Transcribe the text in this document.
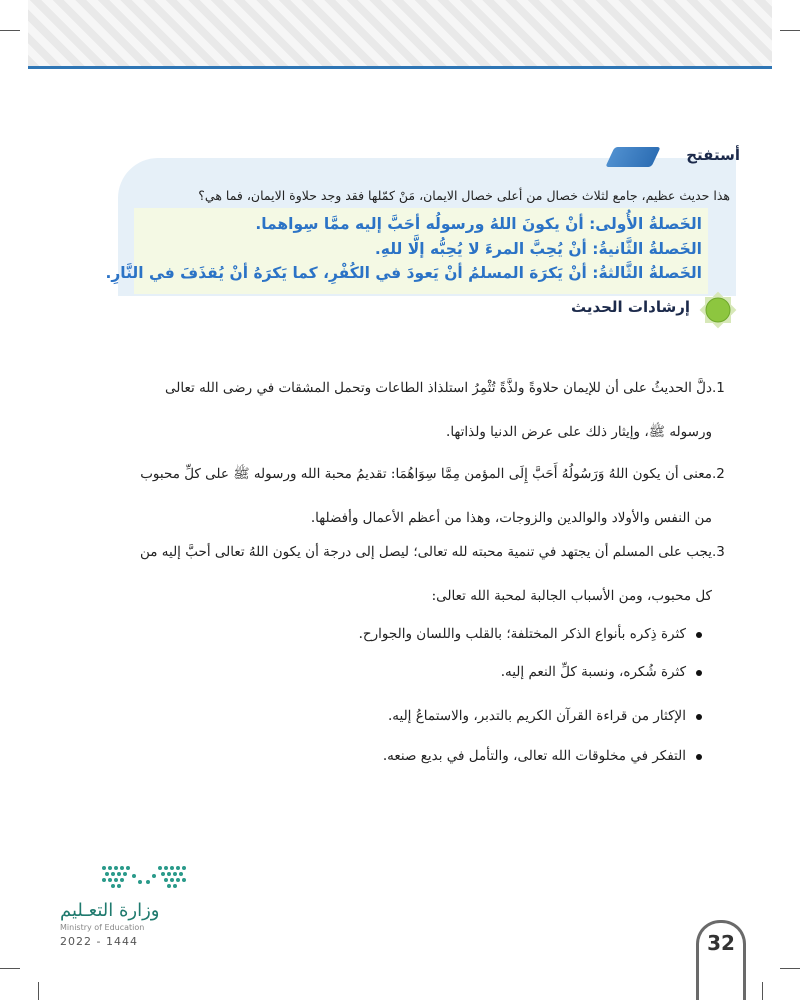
أستفتح
هذا حديث عظيم، جامع لثلاث خصال من أعلى خصال الايمان، مَنْ كمّلها فقد وجد حلاوة الايمان، فما هي؟
الخَصلةُ الأُولى: أنْ يكونَ اللهُ ورسولُه أحَبَّ إليه ممَّا سِواهما.
الخَصلةُ الثَّانيةُ: أنْ يُحِبَّ المرءَ لا يُحِبُّه إلَّا للهِ.
الخَصلةُ الثَّالثةُ: أنْ يَكرَهَ المسلمُ أنْ يَعودَ في الكُفْرِ، كما يَكرَهُ أنْ يُقذَفَ في النَّارِ.
إرشادات الحديث
1.دلَّ الحديثُ على أن للإيمان حلاوةً ولذَّةً تُثْمِرُ استلذاذ الطاعات وتحمل المشقات في رضى الله تعالى
ورسوله ﷺ، وإيثار ذلك على عرض الدنيا ولذاتها.
2.معنى أن يكون اللهُ وَرَسُولُهُ أَحَبَّ إِلَى المؤمن مِمَّا سِوَاهُمَا: تقديمُ محبة الله ورسوله ﷺ على كلِّ محبوب
من النفس والأولاد والوالدين والزوجات، وهذا من أعظم الأعمال وأفضلها.
3.يجب على المسلم أن يجتهد في تنمية محبته لله تعالى؛ ليصل إلى درجة أن يكون اللهُ تعالى أحبَّ إليه من
كل محبوب، ومن الأسباب الجالبة لمحبة الله تعالى:
كثرة ذِكره بأنواع الذكر المختلفة؛ بالقلب واللسان والجوارح.
كثرة شُكره، ونسبة كلِّ النعم إليه.
الإكثار من قراءة القرآن الكريم بالتدبر، والاستماعُ إليه.
التفكر في مخلوقات الله تعالى، والتأمل في بديع صنعه.
وزارة التعـليم
Ministry of Education
2022 - 1444	32
